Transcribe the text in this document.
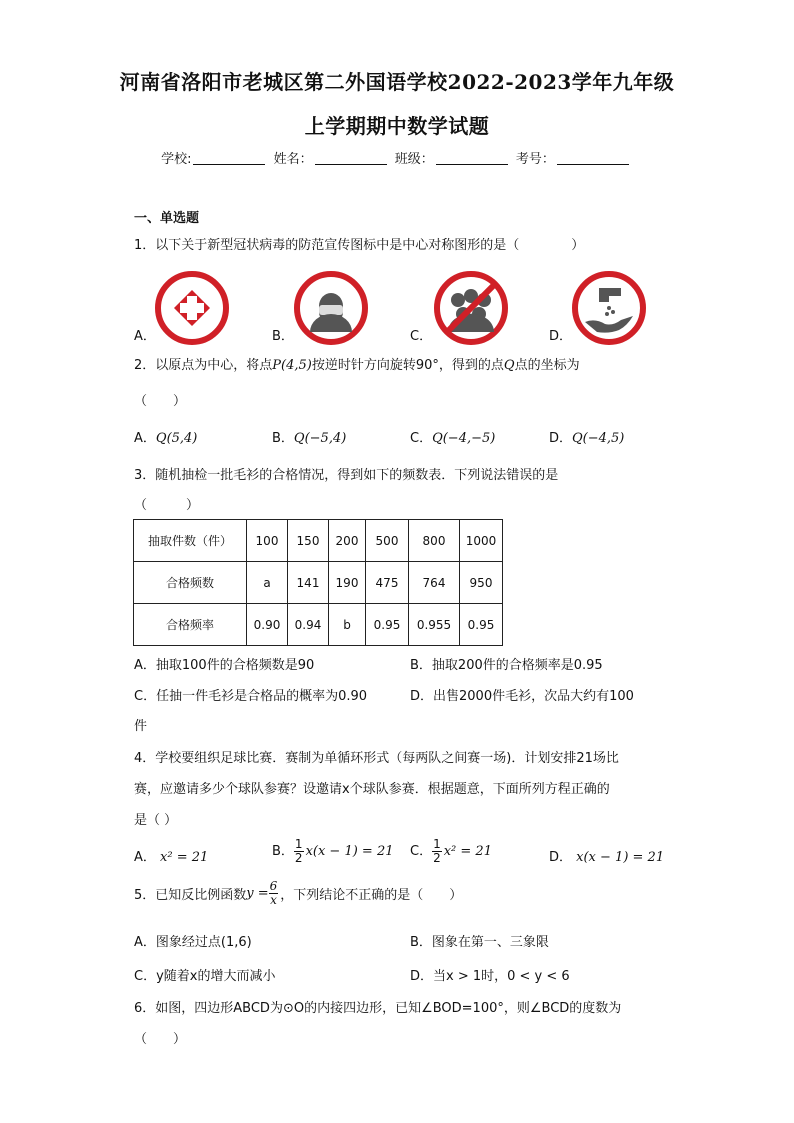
河南省洛阳市老城区第二外国语学校2022-2023学年九年级
上学期期中数学试题
学校:	姓名：	班级：	考号：
一、单选题
1．以下关于新型冠状病毒的防范宣传图标中是中心对称图形的是（　　　　）
A．	B．	C．	D．
2．以原点为中心，将点P(4,5)按逆时针方向旋转90°，得到的点Q点的坐标为
（　　）
A．Q(5,4)	B．Q(−5,4)	C．Q(−4,−5)	D．Q(−4,5)
3．随机抽检一批毛衫的合格情况，得到如下的频数表．下列说法错误的是
（　　　）
抽取件数（件）	100	150	200	500	800	1000
合格频数	a	141	190	475	764	950
合格频率	0.90	0.94	b	0.95	0.955	0.95
A．抽取100件的合格频数是90	B．抽取200件的合格频率是0.95
C．任抽一件毛衫是合格品的概率为0.90	D．出售2000件毛衫，次品大约有100
件
4．学校要组织足球比赛．赛制为单循环形式（每两队之间赛一场)．计划安排21场比
赛，应邀请多少个球队参赛？设邀请x个球队参赛．根据题意，下面所列方程正确的
是（ ）
A． x² = 21	B． $\frac{1}{2} x(x - 1) = 21$ C． $\frac{1}{2} x^2 = 21$	D． x(x − 1) = 21
5．已知反比例函数$y = \frac{6}{x}$ ，下列结论不正确的是（　　）
A．图象经过点(1,6)	B．图象在第一、三象限
C．y随着x的增大而减小	D．当x > 1时，0 < y < 6
6．如图，四边形ABCD为⊙O的内接四边形，已知∠BOD=100°，则∠BCD的度数为
（　　）
